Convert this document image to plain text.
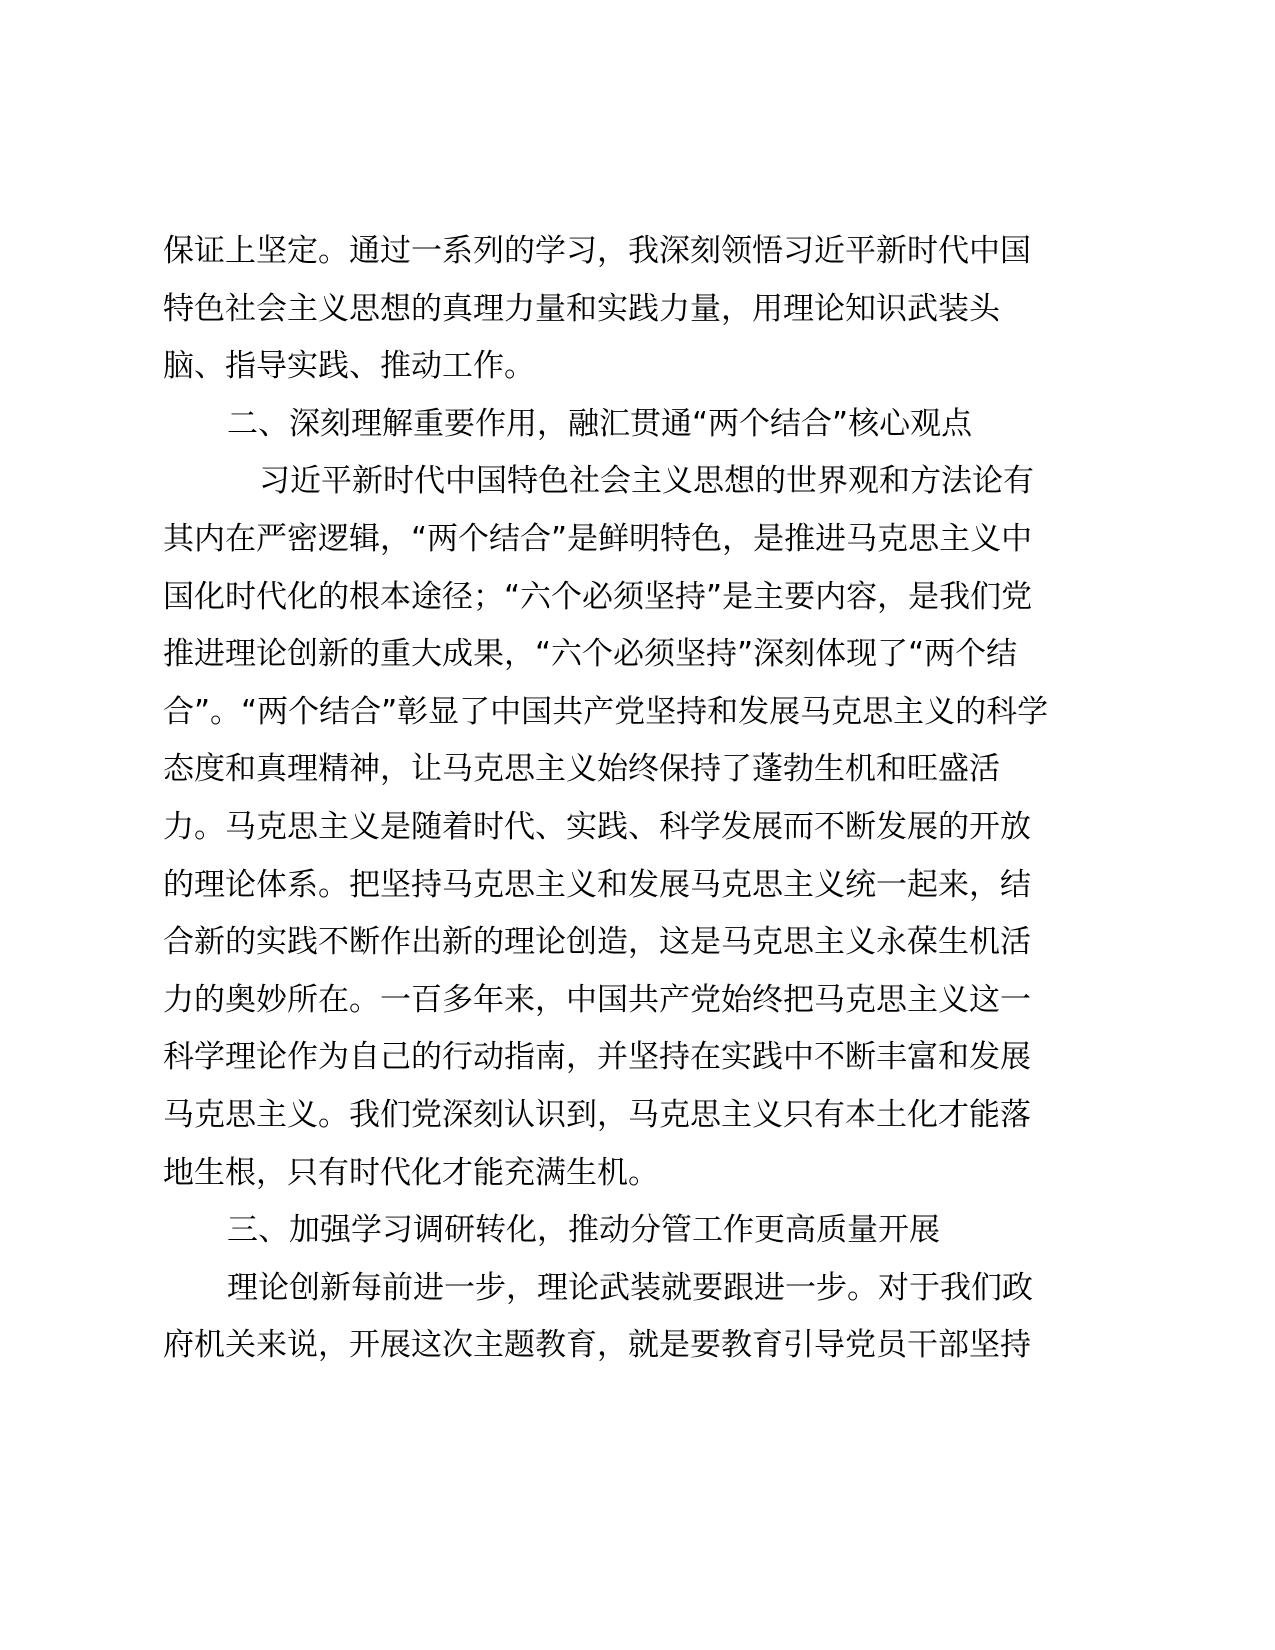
保证上坚定。通过一系列的学习，我深刻领悟习近平新时代中国
特色社会主义思想的真理力量和实践力量，用理论知识武装头
脑、指导实践、推动工作。
二、深刻理解重要作用，融汇贯通“两个结合”核心观点
习近平新时代中国特色社会主义思想的世界观和方法论有
其内在严密逻辑，“两个结合”是鲜明特色，是推进马克思主义中
国化时代化的根本途径；“六个必须坚持”是主要内容，是我们党
推进理论创新的重大成果，“六个必须坚持”深刻体现了“两个结
合”。“两个结合”彰显了中国共产党坚持和发展马克思主义的科学
态度和真理精神，让马克思主义始终保持了蓬勃生机和旺盛活
力。马克思主义是随着时代、实践、科学发展而不断发展的开放
的理论体系。把坚持马克思主义和发展马克思主义统一起来，结
合新的实践不断作出新的理论创造，这是马克思主义永葆生机活
力的奥妙所在。一百多年来，中国共产党始终把马克思主义这一
科学理论作为自己的行动指南，并坚持在实践中不断丰富和发展
马克思主义。我们党深刻认识到，马克思主义只有本土化才能落
地生根，只有时代化才能充满生机。
三、加强学习调研转化，推动分管工作更高质量开展
理论创新每前进一步，理论武装就要跟进一步。对于我们政
府机关来说，开展这次主题教育，就是要教育引导党员干部坚持
